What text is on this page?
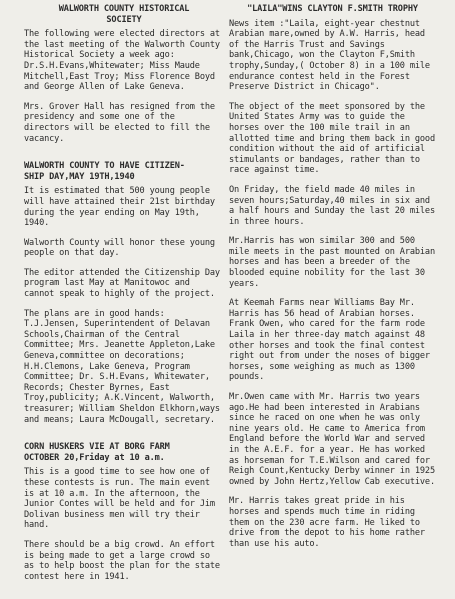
WALWORTH COUNTY HISTORICAL
SOCIETY
The following were elected directors at the last meeting of the Walworth County Historical Society a week ago: Dr.S.H.Evans,Whitewater; Miss Maude Mitchell,East Troy; Miss Florence Boyd and George Allen of Lake Geneva.
Mrs. Grover Hall has resigned from the presidency and some one of the directors will be elected to fill the vacancy.
WALWORTH COUNTY TO HAVE CITIZEN-
SHIP DAY,MAY 19TH,1940
It is estimated that 500 young people will have attained their 21st birthday during the year ending on May 19th, 1940.
Walworth County will honor these young people on that day.
The editor attended the Citizenship Day program last May at Manitowoc and cannot speak to highly of the project.
The plans are in good hands: T.J.Jensen, Superintendent of Delavan Schools,Chairman of the Central Committee; Mrs. Jeanette Appleton,Lake Geneva,committee on decorations; H.H.Clemons, Lake Geneva, Program Committee; Dr. S.H.Evans, Whitewater, Records; Chester Byrnes, East Troy,publicity; A.K.Vincent, Walworth, treasurer; William Sheldon Elkhorn,ways and means; Laura McDougall, secretary.
CORN HUSKERS VIE AT BORG FARM
OCTOBER 20,Friday at 10 a.m.
This is a good time to see how one of these contests is run. The main event is at 10 a.m. In the afternoon, the Junior Contes will be held and for Jim Dolivan business men will try their hand.
There should be a big crowd. An effort is being made to get a large crowd so as to help boost the plan for the state contest here in 1941.
"LAILA"WINS CLAYTON F.SMITH TROPHY
News item :"Laila, eight-year chestnut Arabian mare,owned by A.W. Harris, head of the Harris Trust and Savings bank,Chicago, won the Clayton F,Smith trophy,Sunday,( October 8) in a 100 mile endurance contest held in the Forest Preserve District in Chicago".
The object of the meet sponsored by the United States Army was to guide the horses over the 100 mile trail in an allotted time and bring them back in good condition without the aid of artificial stimulants or bandages, rather than to race against time.
On Friday, the field made 40 miles in seven hours;Saturday,40 miles in six and a half hours and Sunday the last 20 miles in three hours.
Mr.Harris has won similar 300 and 500 mile meets in the past mounted on Arabian horses and has been a breeder of the blooded equine nobility for the last 30 years.
At Keemah Farms near Williams Bay Mr. Harris has 56 head of Arabian horses. Frank Owen, who cared for the farm rode Laila in her three-day match against 48 other horses and took the final contest right out from under the noses of bigger horses, some weighing as much as 1300 pounds.
Mr.Owen came with Mr. Harris two years ago.He had been interested in Arabians since he raced on one when he was only nine years old. He came to America from England before the World War and served in the A.E.F. for a year. He has worked as horseman for T.E.Wilson and cared for Reigh Count,Kentucky Derby winner in 1925 owned by John Hertz,Yellow Cab executive.
Mr. Harris takes great pride in his horses and spends much time in riding them on the 230 acre farm. He liked to drive from the depot to his home rather than use his auto.
